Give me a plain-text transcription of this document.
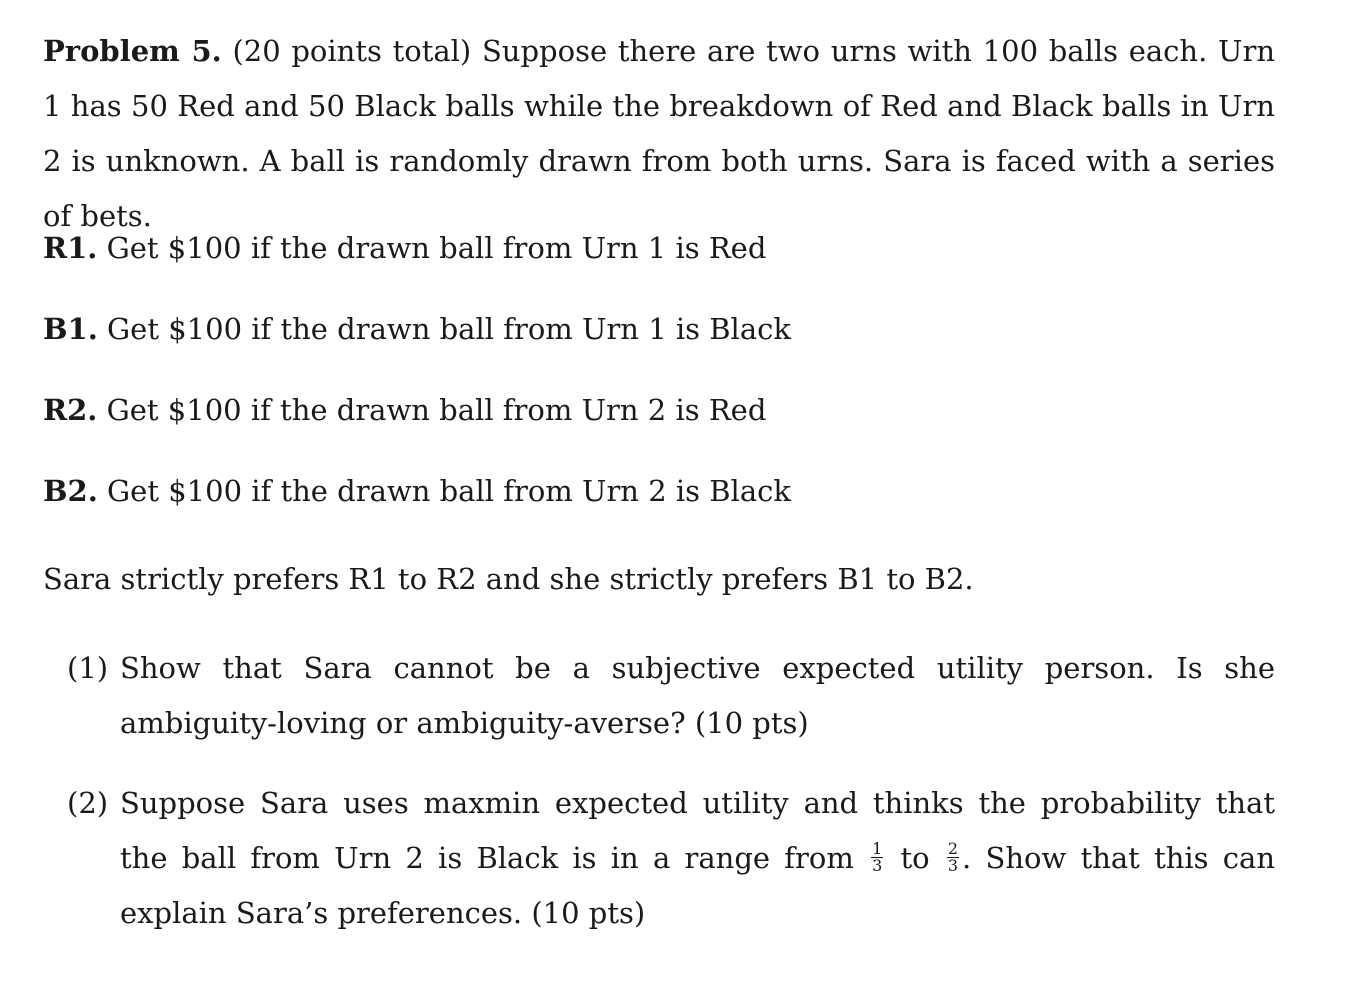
Problem 5. (20 points total) Suppose there are two urns with 100 balls each. Urn 1 has 50 Red and 50 Black balls while the breakdown of Red and Black balls in Urn 2 is unknown. A ball is randomly drawn from both urns. Sara is faced with a series of bets.
R1. Get $100 if the drawn ball from Urn 1 is Red
B1. Get $100 if the drawn ball from Urn 1 is Black
R2. Get $100 if the drawn ball from Urn 2 is Red
B2. Get $100 if the drawn ball from Urn 2 is Black
Sara strictly prefers R1 to R2 and she strictly prefers B1 to B2.
(1) Show that Sara cannot be a subjective expected utility person. Is she ambiguity-loving or ambiguity-averse? (10 pts)
(2) Suppose Sara uses maxmin expected utility and thinks the probability that the ball from Urn 2 is Black is in a range from $\frac{1}{3}$ to $\frac{2}{3}$ . Show that this can explain Sara’s preferences. (10 pts)
